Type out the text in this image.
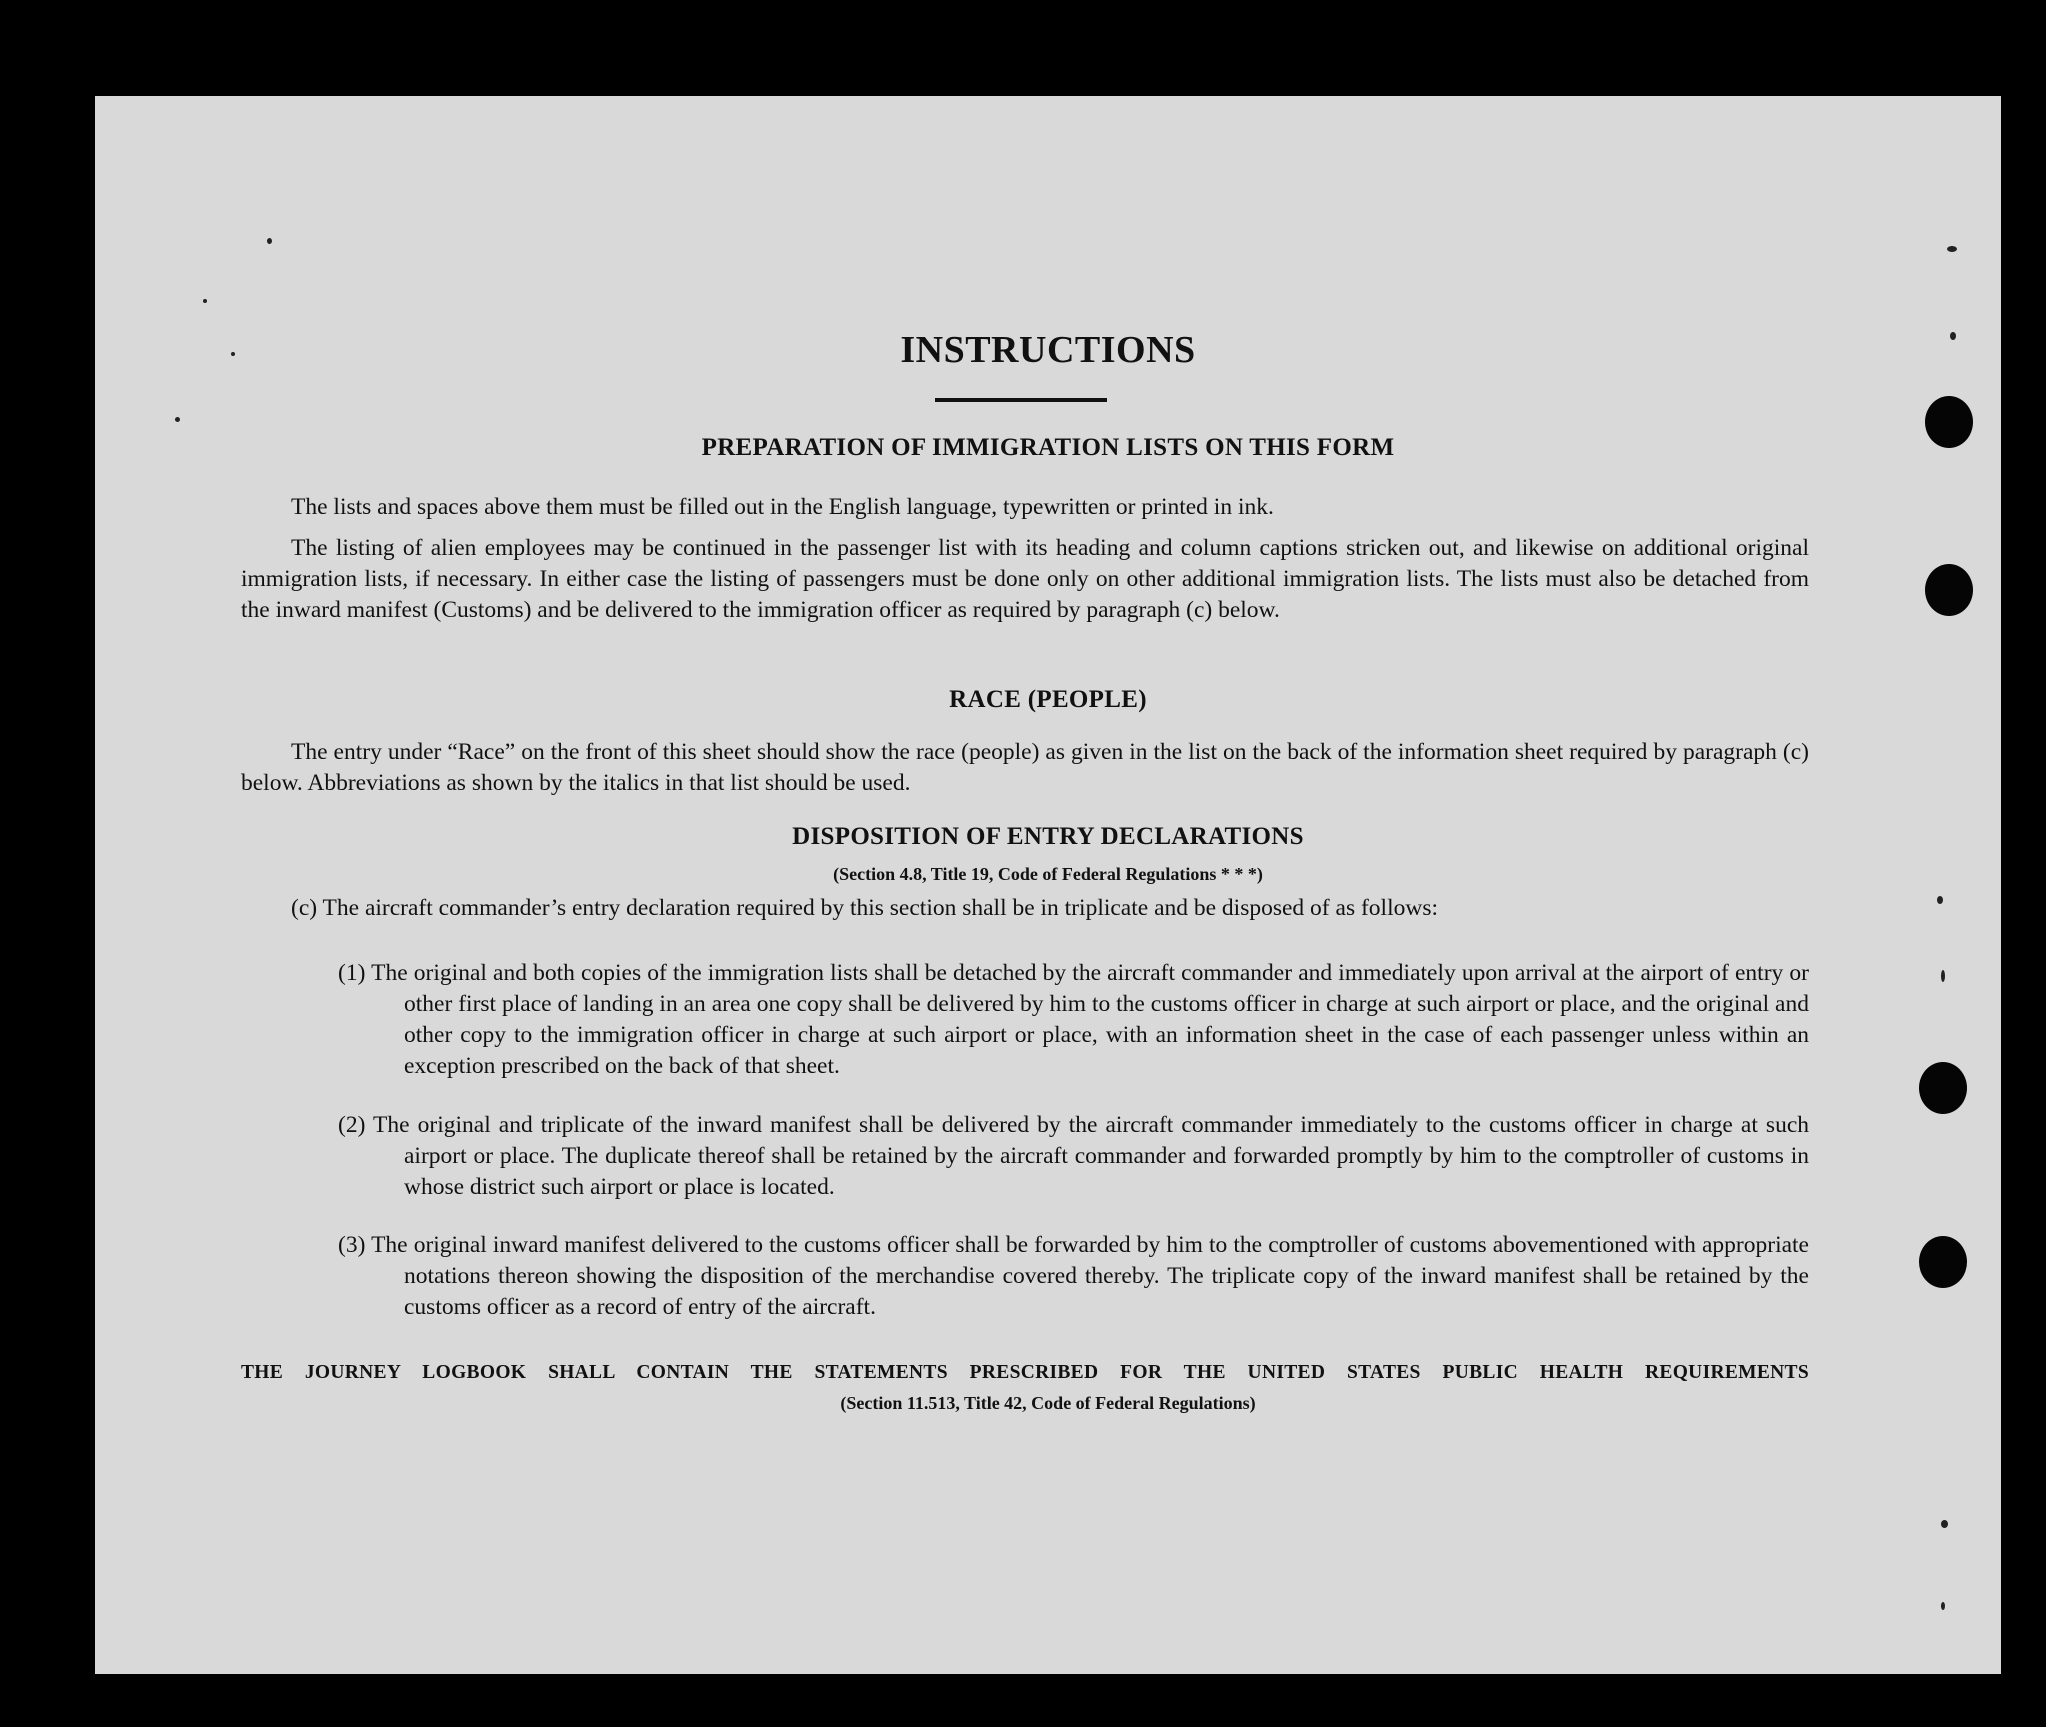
INSTRUCTIONS
PREPARATION OF IMMIGRATION LISTS ON THIS FORM
The lists and spaces above them must be filled out in the English language, typewritten or printed in ink.
The listing of alien employees may be continued in the passenger list with its heading and column captions stricken out, and likewise on additional original immigration lists, if necessary. In either case the listing of passengers must be done only on other additional immigration lists. The lists must also be detached from the inward manifest (Customs) and be delivered to the immigration officer as required by paragraph (c) below.
RACE (PEOPLE)
The entry under “Race” on the front of this sheet should show the race (people) as given in the list on the back of the information sheet required by paragraph (c) below. Abbreviations as shown by the italics in that list should be used.
DISPOSITION OF ENTRY DECLARATIONS
(Section 4.8, Title 19, Code of Federal Regulations * * *)
(c) The aircraft commander’s entry declaration required by this section shall be in triplicate and be disposed of as follows:
(1) The original and both copies of the immigration lists shall be detached by the aircraft commander and immediately upon arrival at the airport of entry or other first place of landing in an area one copy shall be delivered by him to the customs officer in charge at such airport or place, and the original and other copy to the immigration officer in charge at such airport or place, with an information sheet in the case of each passenger unless within an exception prescribed on the back of that sheet.
(2) The original and triplicate of the inward manifest shall be delivered by the aircraft commander immediately to the customs officer in charge at such airport or place. The duplicate thereof shall be retained by the aircraft commander and forwarded promptly by him to the comptroller of customs in whose district such airport or place is located.
(3) The original inward manifest delivered to the customs officer shall be forwarded by him to the comptroller of customs abovementioned with appropriate notations thereon showing the disposition of the merchandise covered thereby. The triplicate copy of the inward manifest shall be retained by the customs officer as a record of entry of the aircraft.
THE JOURNEY LOGBOOK SHALL CONTAIN THE STATEMENTS PRESCRIBED FOR THE UNITED STATES PUBLIC HEALTH REQUIREMENTS
(Section 11.513, Title 42, Code of Federal Regulations)
